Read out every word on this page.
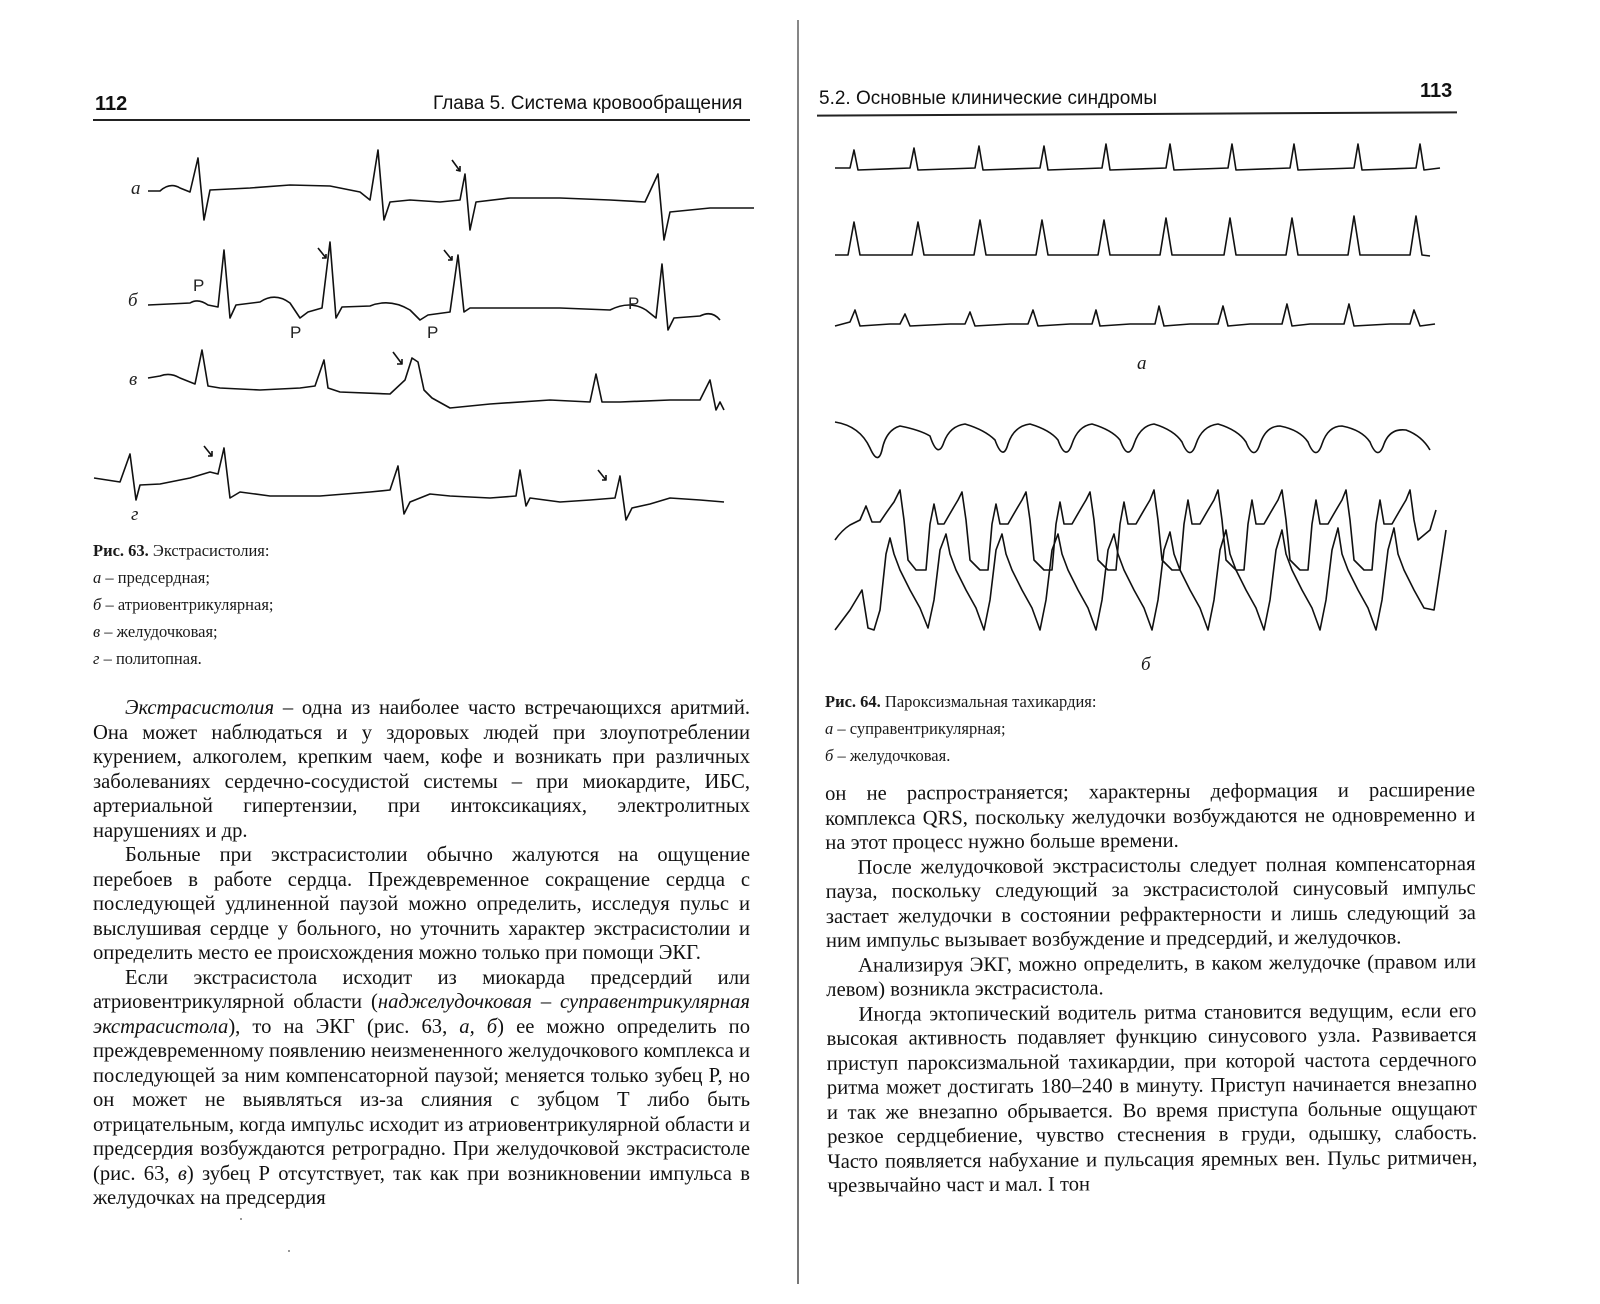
112	Глава 5. Система кровообращения
а
б
в
г
P
P	P
P
Рис. 63. Экстрасистолия:
а – предсердная;
б – атриовентрикулярная;
в – желудочковая;
г – политопная.

Экстрасистолия – одна из наиболее часто встречающихся аритмий. Она может наблюдаться и у здоровых людей при злоупотреблении курением, алкоголем, крепким чаем, кофе и возникать при различных заболеваниях сердечно-сосудистой системы – при миокардите, ИБС, артериальной гипертензии, при интоксикациях, электролитных нарушениях и др.

Больные при экстрасистолии обычно жалуются на ощущение перебоев в работе сердца. Преждевременное сокращение сердца с последующей удлиненной паузой можно определить, исследуя пульс и выслушивая сердце у больного, но уточнить характер экстрасистолии и определить место ее происхождения можно только при помощи ЭКГ.

Если экстрасистола исходит из миокарда предсердий или атриовентрикулярной области (наджелудочковая – суправентрикулярная экстрасистола), то на ЭКГ (рис. 63, а, б) ее можно определить по преждевременному появлению неизмененного желудочкового комплекса и последующей за ним компенсаторной паузой; меняется только зубец Р, но он может не выявляться из-за слияния с зубцом Т либо быть отрицательным, когда импульс исходит из атриовентрикулярной области и предсердия возбуждаются ретроградно. При желудочковой экстрасистоле (рис. 63, в) зубец Р отсутствует, так как при возникновении импульса в желудочках на предсердия

5.2. Основные клинические синдромы	113
а
б
Рис. 64. Пароксизмальная тахикардия:
а – суправентрикулярная;
б – желудочковая.

он не распространяется; характерны деформация и расширение комплекса QRS, поскольку желудочки возбуждаются не одновременно и на этот процесс нужно больше времени.

После желудочковой экстрасистолы следует полная компенсаторная пауза, поскольку следующий за экстрасистолой синусовый импульс застает желудочки в состоянии рефрактерности и лишь следующий за ним импульс вызывает возбуждение и предсердий, и желудочков.

Анализируя ЭКГ, можно определить, в каком желудочке (правом или левом) возникла экстрасистола.

Иногда эктопический водитель ритма становится ведущим, если его высокая активность подавляет функцию синусового узла. Развивается приступ пароксизмальной тахикардии, при которой частота сердечного ритма может достигать 180–240 в минуту. Приступ начинается внезапно и так же внезапно обрывается. Во время приступа больные ощущают резкое сердцебиение, чувство стеснения в груди, одышку, слабость. Часто появляется набухание и пульсация яремных вен. Пульс ритмичен, чрезвычайно част и мал. I тон
